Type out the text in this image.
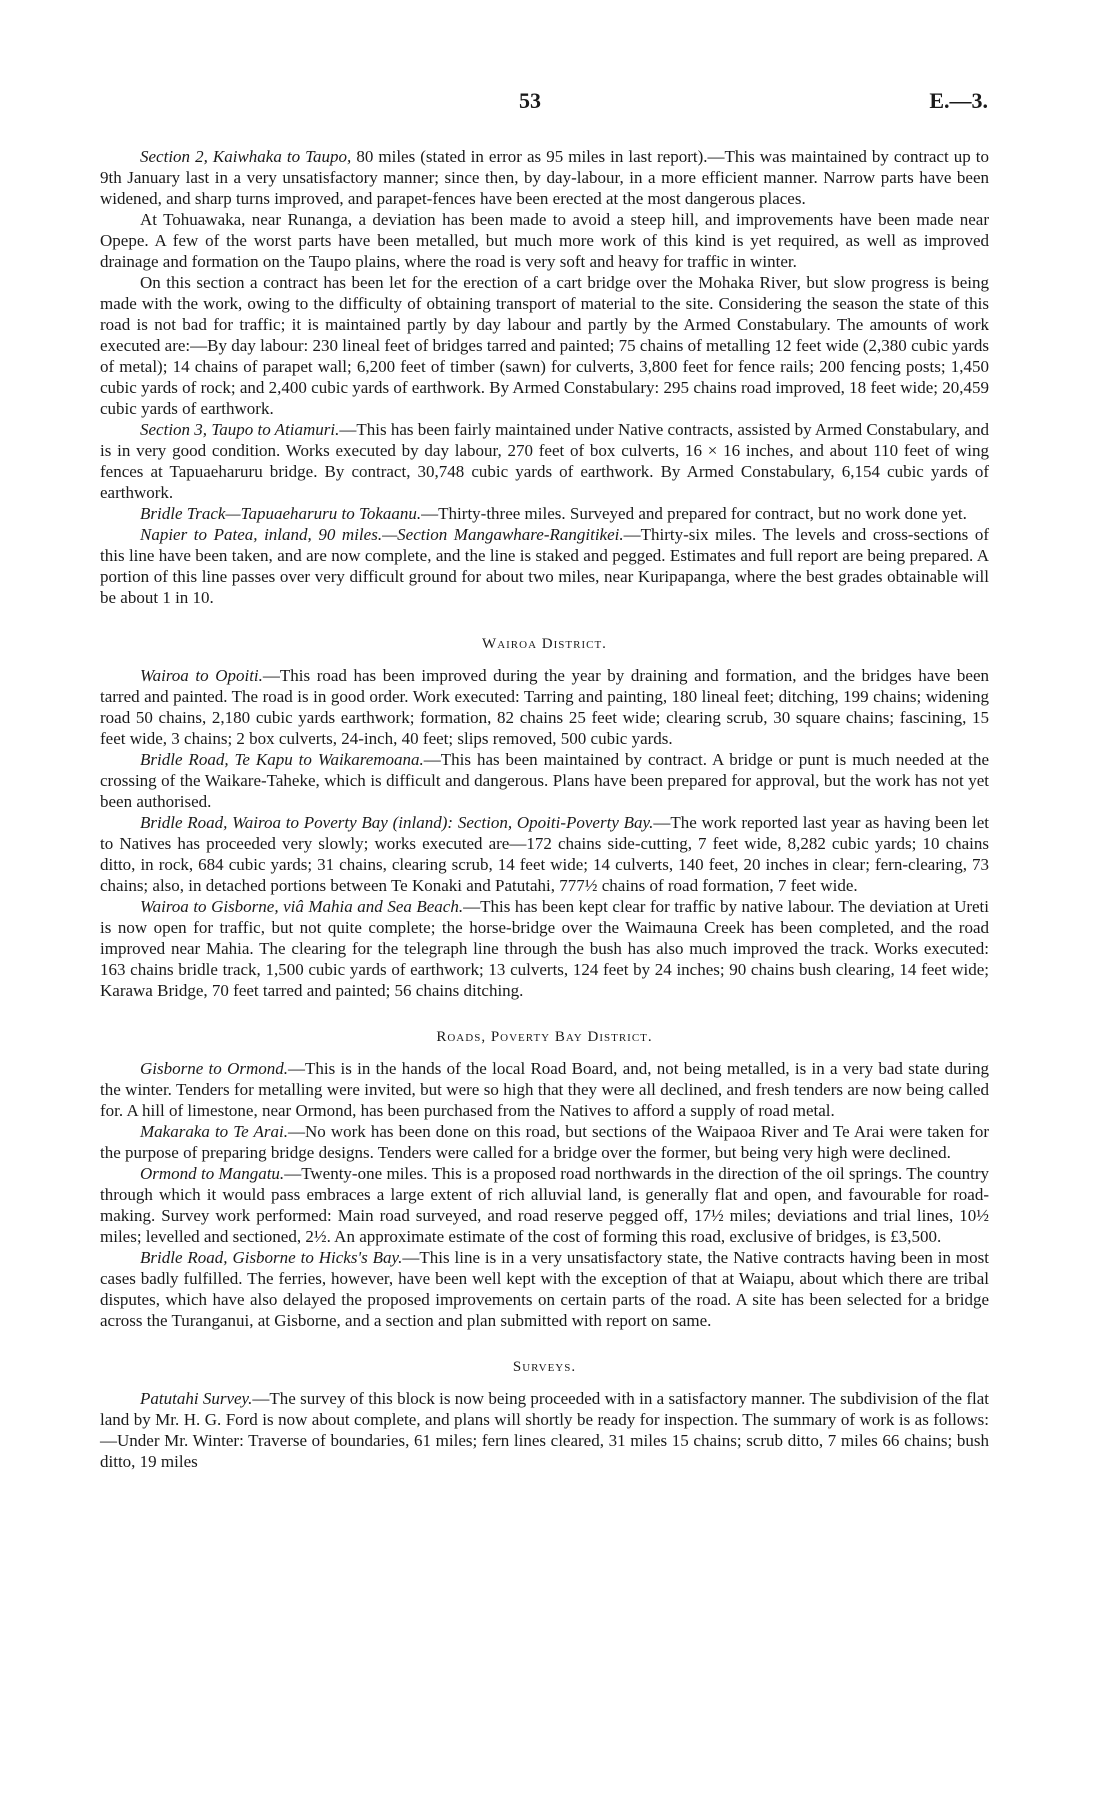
53	E.—3.

Section 2, Kaiwhaka to Taupo, 80 miles (stated in error as 95 miles in last report).—This was maintained by contract up to 9th January last in a very unsatisfactory manner; since then, by day-labour, in a more efficient manner. Narrow parts have been widened, and sharp turns improved, and parapet-fences have been erected at the most dangerous places.

At Tohuawaka, near Runanga, a deviation has been made to avoid a steep hill, and improvements have been made near Opepe. A few of the worst parts have been metalled, but much more work of this kind is yet required, as well as improved drainage and formation on the Taupo plains, where the road is very soft and heavy for traffic in winter.

On this section a contract has been let for the erection of a cart bridge over the Mohaka River, but slow progress is being made with the work, owing to the difficulty of obtaining transport of material to the site. Considering the season the state of this road is not bad for traffic; it is maintained partly by day labour and partly by the Armed Constabulary. The amounts of work executed are:—By day labour: 230 lineal feet of bridges tarred and painted; 75 chains of metalling 12 feet wide (2,380 cubic yards of metal); 14 chains of parapet wall; 6,200 feet of timber (sawn) for culverts, 3,800 feet for fence rails; 200 fencing posts; 1,450 cubic yards of rock; and 2,400 cubic yards of earthwork. By Armed Constabulary: 295 chains road improved, 18 feet wide; 20,459 cubic yards of earthwork.

Section 3, Taupo to Atiamuri.—This has been fairly maintained under Native contracts, assisted by Armed Constabulary, and is in very good condition. Works executed by day labour, 270 feet of box culverts, 16 × 16 inches, and about 110 feet of wing fences at Tapuaeharuru bridge. By contract, 30,748 cubic yards of earthwork. By Armed Constabulary, 6,154 cubic yards of earthwork.

Bridle Track—Tapuaeharuru to Tokaanu.—Thirty-three miles. Surveyed and prepared for contract, but no work done yet.

Napier to Patea, inland, 90 miles.—Section Mangawhare-Rangitikei.—Thirty-six miles. The levels and cross-sections of this line have been taken, and are now complete, and the line is staked and pegged. Estimates and full report are being prepared. A portion of this line passes over very difficult ground for about two miles, near Kuripapanga, where the best grades obtainable will be about 1 in 10.

Wairoa District.

Wairoa to Opoiti.—This road has been improved during the year by draining and formation, and the bridges have been tarred and painted. The road is in good order. Work executed: Tarring and painting, 180 lineal feet; ditching, 199 chains; widening road 50 chains, 2,180 cubic yards earthwork; formation, 82 chains 25 feet wide; clearing scrub, 30 square chains; fascining, 15 feet wide, 3 chains; 2 box culverts, 24-inch, 40 feet; slips removed, 500 cubic yards.

Bridle Road, Te Kapu to Waikaremoana.—This has been maintained by contract. A bridge or punt is much needed at the crossing of the Waikare-Taheke, which is difficult and dangerous. Plans have been prepared for approval, but the work has not yet been authorised.

Bridle Road, Wairoa to Poverty Bay (inland): Section, Opoiti-Poverty Bay.—The work reported last year as having been let to Natives has proceeded very slowly; works executed are—172 chains side-cutting, 7 feet wide, 8,282 cubic yards; 10 chains ditto, in rock, 684 cubic yards; 31 chains, clearing scrub, 14 feet wide; 14 culverts, 140 feet, 20 inches in clear; fern-clearing, 73 chains; also, in detached portions between Te Konaki and Patutahi, 777½ chains of road formation, 7 feet wide.

Wairoa to Gisborne, viâ Mahia and Sea Beach.—This has been kept clear for traffic by native labour. The deviation at Ureti is now open for traffic, but not quite complete; the horse-bridge over the Waimauna Creek has been completed, and the road improved near Mahia. The clearing for the telegraph line through the bush has also much improved the track. Works executed: 163 chains bridle track, 1,500 cubic yards of earthwork; 13 culverts, 124 feet by 24 inches; 90 chains bush clearing, 14 feet wide; Karawa Bridge, 70 feet tarred and painted; 56 chains ditching.

Roads, Poverty Bay District.

Gisborne to Ormond.—This is in the hands of the local Road Board, and, not being metalled, is in a very bad state during the winter. Tenders for metalling were invited, but were so high that they were all declined, and fresh tenders are now being called for. A hill of limestone, near Ormond, has been purchased from the Natives to afford a supply of road metal.

Makaraka to Te Arai.—No work has been done on this road, but sections of the Waipaoa River and Te Arai were taken for the purpose of preparing bridge designs. Tenders were called for a bridge over the former, but being very high were declined.

Ormond to Mangatu.—Twenty-one miles. This is a proposed road northwards in the direction of the oil springs. The country through which it would pass embraces a large extent of rich alluvial land, is generally flat and open, and favourable for road-making. Survey work performed: Main road surveyed, and road reserve pegged off, 17½ miles; deviations and trial lines, 10½ miles; levelled and sectioned, 2½. An approximate estimate of the cost of forming this road, exclusive of bridges, is £3,500.

Bridle Road, Gisborne to Hicks's Bay.—This line is in a very unsatisfactory state, the Native contracts having been in most cases badly fulfilled. The ferries, however, have been well kept with the exception of that at Waiapu, about which there are tribal disputes, which have also delayed the proposed improvements on certain parts of the road. A site has been selected for a bridge across the Turanganui, at Gisborne, and a section and plan submitted with report on same.

Surveys.

Patutahi Survey.—The survey of this block is now being proceeded with in a satisfactory manner. The subdivision of the flat land by Mr. H. G. Ford is now about complete, and plans will shortly be ready for inspection. The summary of work is as follows:—Under Mr. Winter: Traverse of boundaries, 61 miles; fern lines cleared, 31 miles 15 chains; scrub ditto, 7 miles 66 chains; bush ditto, 19 miles
